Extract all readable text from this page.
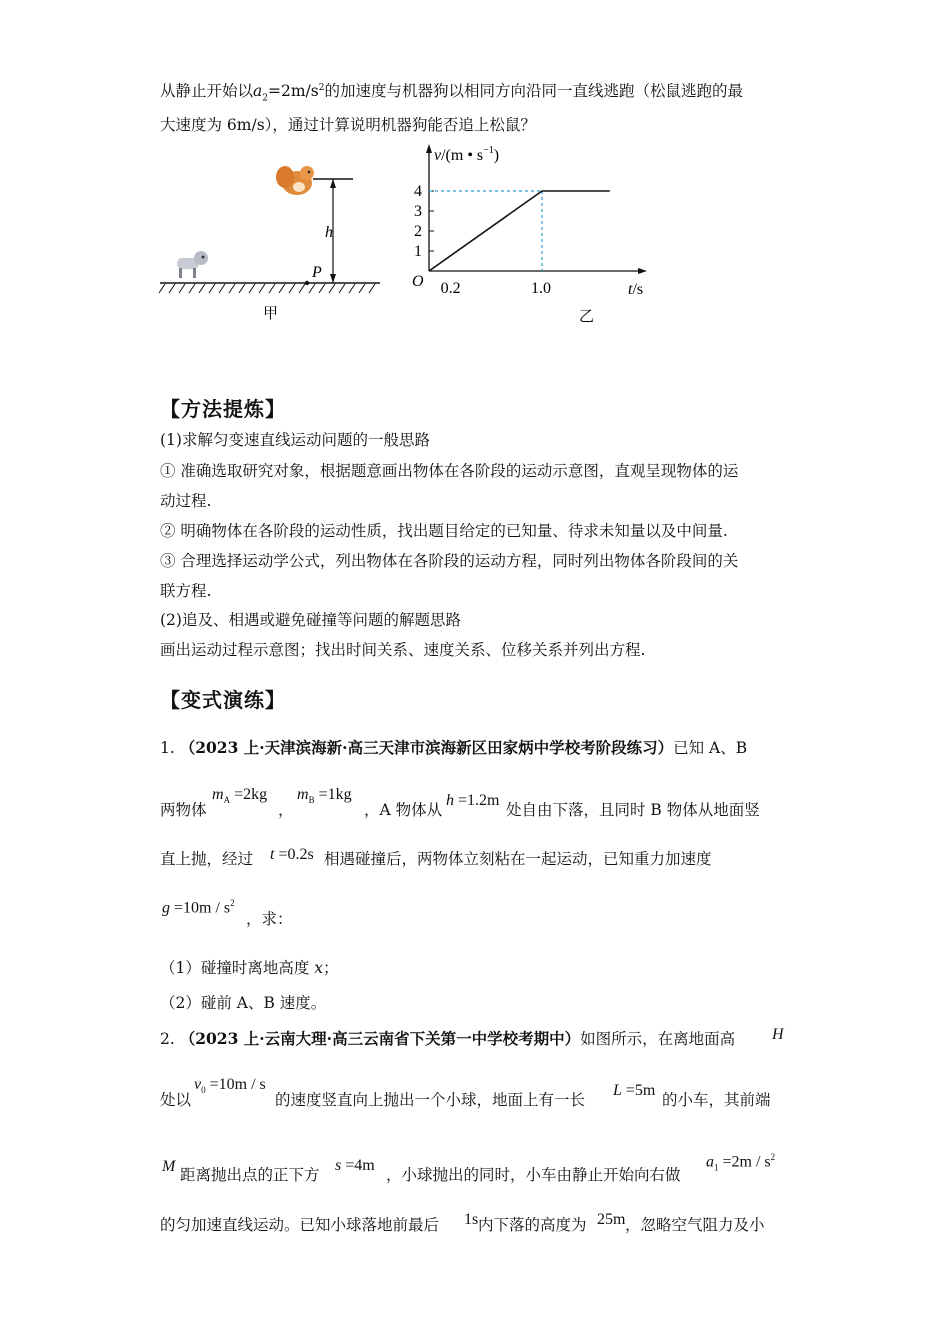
从静止开始以$a_2=2m/s^2$的加速度与机器狗以相同方向沿同一直线逃跑（松鼠逃跑的最
大速度为 6m/s），通过计算说明机器狗能否追上松鼠？
h
P
甲
v/(m • $s^{-1}$)
O	t/s
乙
1
2
3
4
0.2	1.0
【方法提炼】
(1)求解匀变速直线运动问题的一般思路
① 准确选取研究对象，根据题意画出物体在各阶段的运动示意图，直观呈现物体的运
动过程.
② 明确物体在各阶段的运动性质，找出题目给定的已知量、待求未知量以及中间量.
③ 合理选择运动学公式，列出物体在各阶段的运动方程，同时列出物体各阶段间的关
联方程.
(2)追及、相遇或避免碰撞等问题的解题思路
画出运动过程示意图；找出时间关系、速度关系、位移关系并列出方程.
【变式演练】
1. （2023 上·天津滨海新·高三天津市滨海新区田家炳中学校考阶段练习）已知 A、B
两物体
$m_A =2kg$
，
$m_B =1kg$
，A 物体从
h =1.2m
处自由下落，且同时 B 物体从地面竖
直上抛，经过 t =0.2s 相遇碰撞后，两物体立刻粘在一起运动，已知重力加速度
$g =10m / s^2$
，求：
（1）碰撞时离地高度 x；
（2）碰前 A、B 速度。
2. （2023 上·云南大理·高三云南省下关第一中学校考期中）如图所示，在离地面高 H
处以
$v_0 =10m / s$
的速度竖直向上抛出一个小球，地面上有一长
L =5m
的小车，其前端
M 距离抛出点的正下方
s =4m
，小球抛出的同时，小车由静止开始向右做
$a_1 =2m / s^2$
的匀加速直线运动。已知小球落地前最后 1s 内下落的高度为 25m ，忽略空气阻力及小
